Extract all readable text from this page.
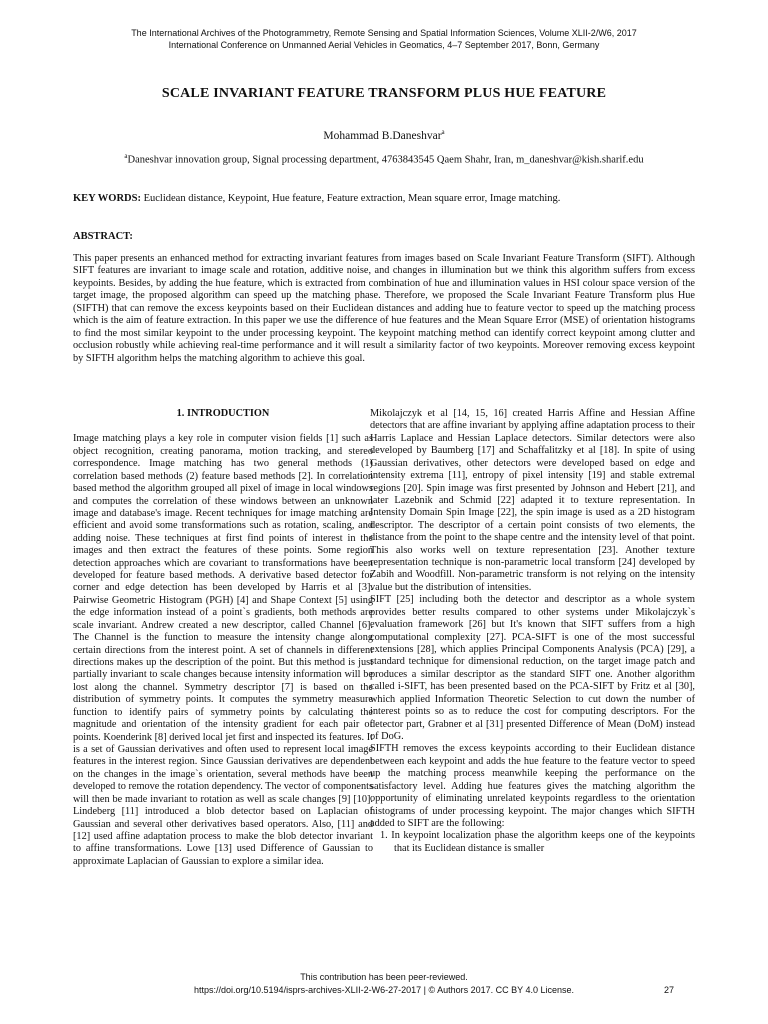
The International Archives of the Photogrammetry, Remote Sensing and Spatial Information Sciences, Volume XLII-2/W6, 2017
International Conference on Unmanned Aerial Vehicles in Geomatics, 4–7 September 2017, Bonn, Germany
SCALE INVARIANT FEATURE TRANSFORM PLUS HUE FEATURE
Mohammad B.Daneshvar$^a$
$^a$Daneshvar innovation group, Signal processing department, 4763843545 Qaem Shahr, Iran, m_daneshvar@kish.sharif.edu
KEY WORDS: Euclidean distance, Keypoint, Hue feature, Feature extraction, Mean square error, Image matching.
ABSTRACT:
This paper presents an enhanced method for extracting invariant features from images based on Scale Invariant Feature Transform (SIFT). Although SIFT features are invariant to image scale and rotation, additive noise, and changes in illumination but we think this algorithm suffers from excess keypoints. Besides, by adding the hue feature, which is extracted from combination of hue and illumination values in HSI colour space version of the target image, the proposed algorithm can speed up the matching phase. Therefore, we proposed the Scale Invariant Feature Transform plus Hue (SIFTH) that can remove the excess keypoints based on their Euclidean distances and adding hue to feature vector to speed up the matching process which is the aim of feature extraction. In this paper we use the difference of hue features and the Mean Square Error (MSE) of orientation histograms to find the most similar keypoint to the under processing keypoint. The keypoint matching method can identify correct keypoint among clutter and occlusion robustly while achieving real-time performance and it will result a similarity factor of two keypoints. Moreover removing excess keypoint by SIFTH algorithm helps the matching algorithm to achieve this goal.
1. INTRODUCTION

Image matching plays a key role in computer vision fields [1] such as object recognition, creating panorama, motion tracking, and stereo correspondence. Image matching has two general methods (1) correlation based methods (2) feature based methods [2]. In correlation based method the algorithm grouped all pixel of image in local windows and computes the correlation of these windows between an unknown image and database's image. Recent techniques for image matching are efficient and avoid some transformations such as rotation, scaling, and adding noise. These techniques at first find points of interest in the images and then extract the features of these points. Some region detection approaches which are covariant to transformations have been developed for feature based methods. A derivative based detector for corner and edge detection has been developed by Harris et al [3]. Pairwise Geometric Histogram (PGH) [4] and Shape Context [5] using the edge information instead of a point`s gradients, both methods are scale invariant. Andrew created a new descriptor, called Channel [6]. The Channel is the function to measure the intensity change along certain directions from the interest point. A set of channels in different directions makes up the description of the point. But this method is just partially invariant to scale changes because intensity information will be lost along the channel. Symmetry descriptor [7] is based on the distribution of symmetry points. It computes the symmetry measure function to identify pairs of symmetry points by calculating the magnitude and orientation of the intensity gradient for each pair of points. Koenderink [8] derived local jet first and inspected its features. It is a set of Gaussian derivatives and often used to represent local image features in the interest region. Since Gaussian derivatives are dependent on the changes in the image`s orientation, several methods have been developed to remove the rotation dependency. The vector of components will then be made invariant to rotation as well as scale changes [9] [10]. Lindeberg [11] introduced a blob detector based on Laplacian of Gaussian and several other derivatives based operators. Also, [11] and [12] used affine adaptation process to make the blob detector invariant to affine transformations. Lowe [13] used Difference of Gaussian to approximate Laplacian of Gaussian to explore a similar idea.

Mikolajczyk et al [14, 15, 16] created Harris Affine and Hessian Affine detectors that are affine invariant by applying affine adaptation process to their Harris Laplace and Hessian Laplace detectors. Similar detectors were also developed by Baumberg [17] and Schaffalitzky et al [18]. In spite of using Gaussian derivatives, other detectors were developed based on edge and intensity extrema [11], entropy of pixel intensity [19] and stable extremal regions [20]. Spin image was first presented by Johnson and Hebert [21], and later Lazebnik and Schmid [22] adapted it to texture representation. In Intensity Domain Spin Image [22], the spin image is used as a 2D histogram descriptor. The descriptor of a certain point consists of two elements, the distance from the point to the shape centre and the intensity level of that point. This also works well on texture representation [23]. Another texture representation technique is non-parametric local transform [24] developed by Zabih and Woodfill. Non-parametric transform is not relying on the intensity value but the distribution of intensities.

SIFT [25] including both the detector and descriptor as a whole system provides better results compared to other systems under Mikolajczyk`s evaluation framework [26] but It's known that SIFT suffers from a high computational complexity [27]. PCA-SIFT is one of the most successful extensions [28], which applies Principal Components Analysis (PCA) [29], a standard technique for dimensional reduction, on the target image patch and produces a similar descriptor as the standard SIFT one. Another algorithm called i-SIFT, has been presented based on the PCA-SIFT by Fritz et al [30], which applied Information Theoretic Selection to cut down the number of interest points so as to reduce the cost for computing descriptors. For the detector part, Grabner et al [31] presented Difference of Mean (DoM) instead of DoG.

SIFTH removes the excess keypoints according to their Euclidean distance between each keypoint and adds the hue feature to the feature vector to speed up the matching process meanwhile keeping the performance on the satisfactory level. Adding hue features gives the matching algorithm the opportunity of eliminating unrelated keypoints regardless to the orientation histograms of under processing keypoint. The major changes which SIFTH added to SIFT are the following:

1. In keypoint localization phase the algorithm keeps one of the keypoints that its Euclidean distance is smaller

This contribution has been peer-reviewed.
https://doi.org/10.5194/isprs-archives-XLII-2-W6-27-2017 | © Authors 2017. CC BY 4.0 License.	27
